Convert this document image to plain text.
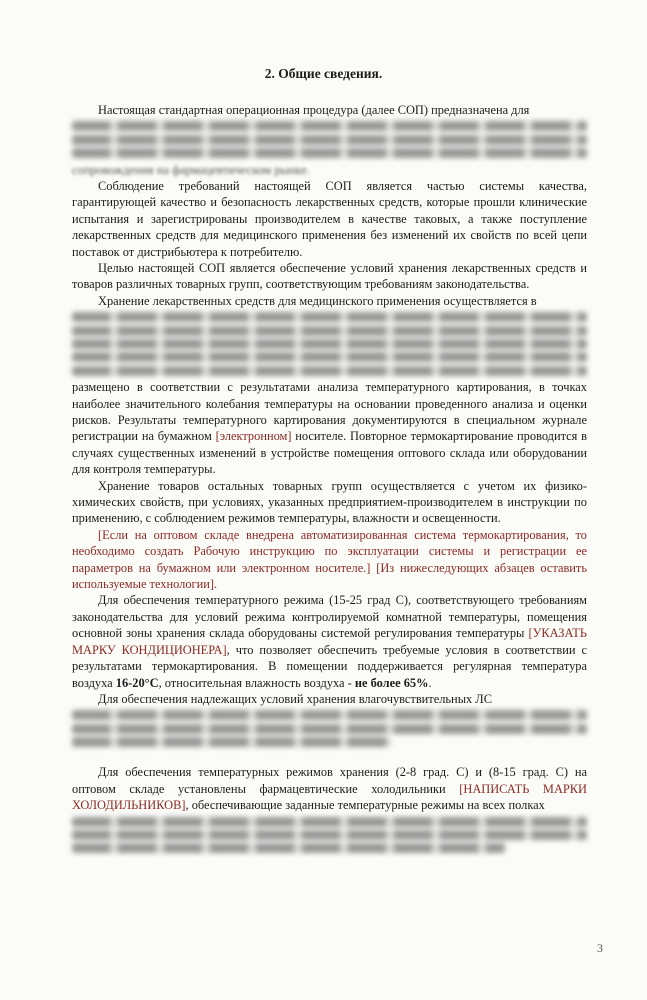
2. Общие сведения.

Настоящая стандартная операционная процедура (далее СОП) предназначена для
сопровождения на фармацевтическом рынке.

Соблюдение требований настоящей СОП является частью системы качества, гарантирующей качество и безопасность лекарственных средств, которые прошли клинические испытания и зарегистрированы производителем в качестве таковых, а также поступление лекарственных средств для медицинского применения без изменений их свойств по всей цепи поставок от дистрибьютера к потребителю.

Целью настоящей СОП является обеспечение условий хранения лекарственных средств и товаров различных товарных групп, соответствующим требованиям законодательства.

Хранение лекарственных средств для медицинского применения осуществляется в
размещено в соответствии с результатами анализа температурного картирования, в точках наиболее значительного колебания температуры на основании проведенного анализа и оценки рисков. Результаты температурного картирования документируются в специальном журнале регистрации на бумажном [электронном] носителе. Повторное термокартирование проводится в случаях существенных изменений в устройстве помещения оптового склада или оборудовании для контроля температуры.

Хранение товаров остальных товарных групп осуществляется с учетом их физико-химических свойств, при условиях, указанных предприятием-производителем в инструкции по применению, с соблюдением режимов температуры, влажности и освещенности.

[Если на оптовом складе внедрена автоматизированная система термокартирования, то необходимо создать Рабочую инструкцию по эксплуатации системы и регистрации ее параметров на бумажном или электронном носителе.] [Из нижеследующих абзацев оставить используемые технологии].

Для обеспечения температурного режима (15-25 град С), соответствующего требованиям законодательства для условий режима контролируемой комнатной температуры, помещения основной зоны хранения склада оборудованы системой регулирования температуры [УКАЗАТЬ МАРКУ КОНДИЦИОНЕРА], что позволяет обеспечить требуемые условия в соответствии с результатами термокартирования. В помещении поддерживается регулярная температура воздуха 16-20°С, относительная влажность воздуха - не более 65%.

Для обеспечения надлежащих условий хранения влагочувствительных ЛС

Для обеспечения температурных режимов хранения (2-8 град. С) и (8-15 град. С) на оптовом складе установлены фармацевтические холодильники [НАПИСАТЬ МАРКИ ХОЛОДИЛЬНИКОВ], обеспечивающие заданные температурные режимы на всех полках

3
